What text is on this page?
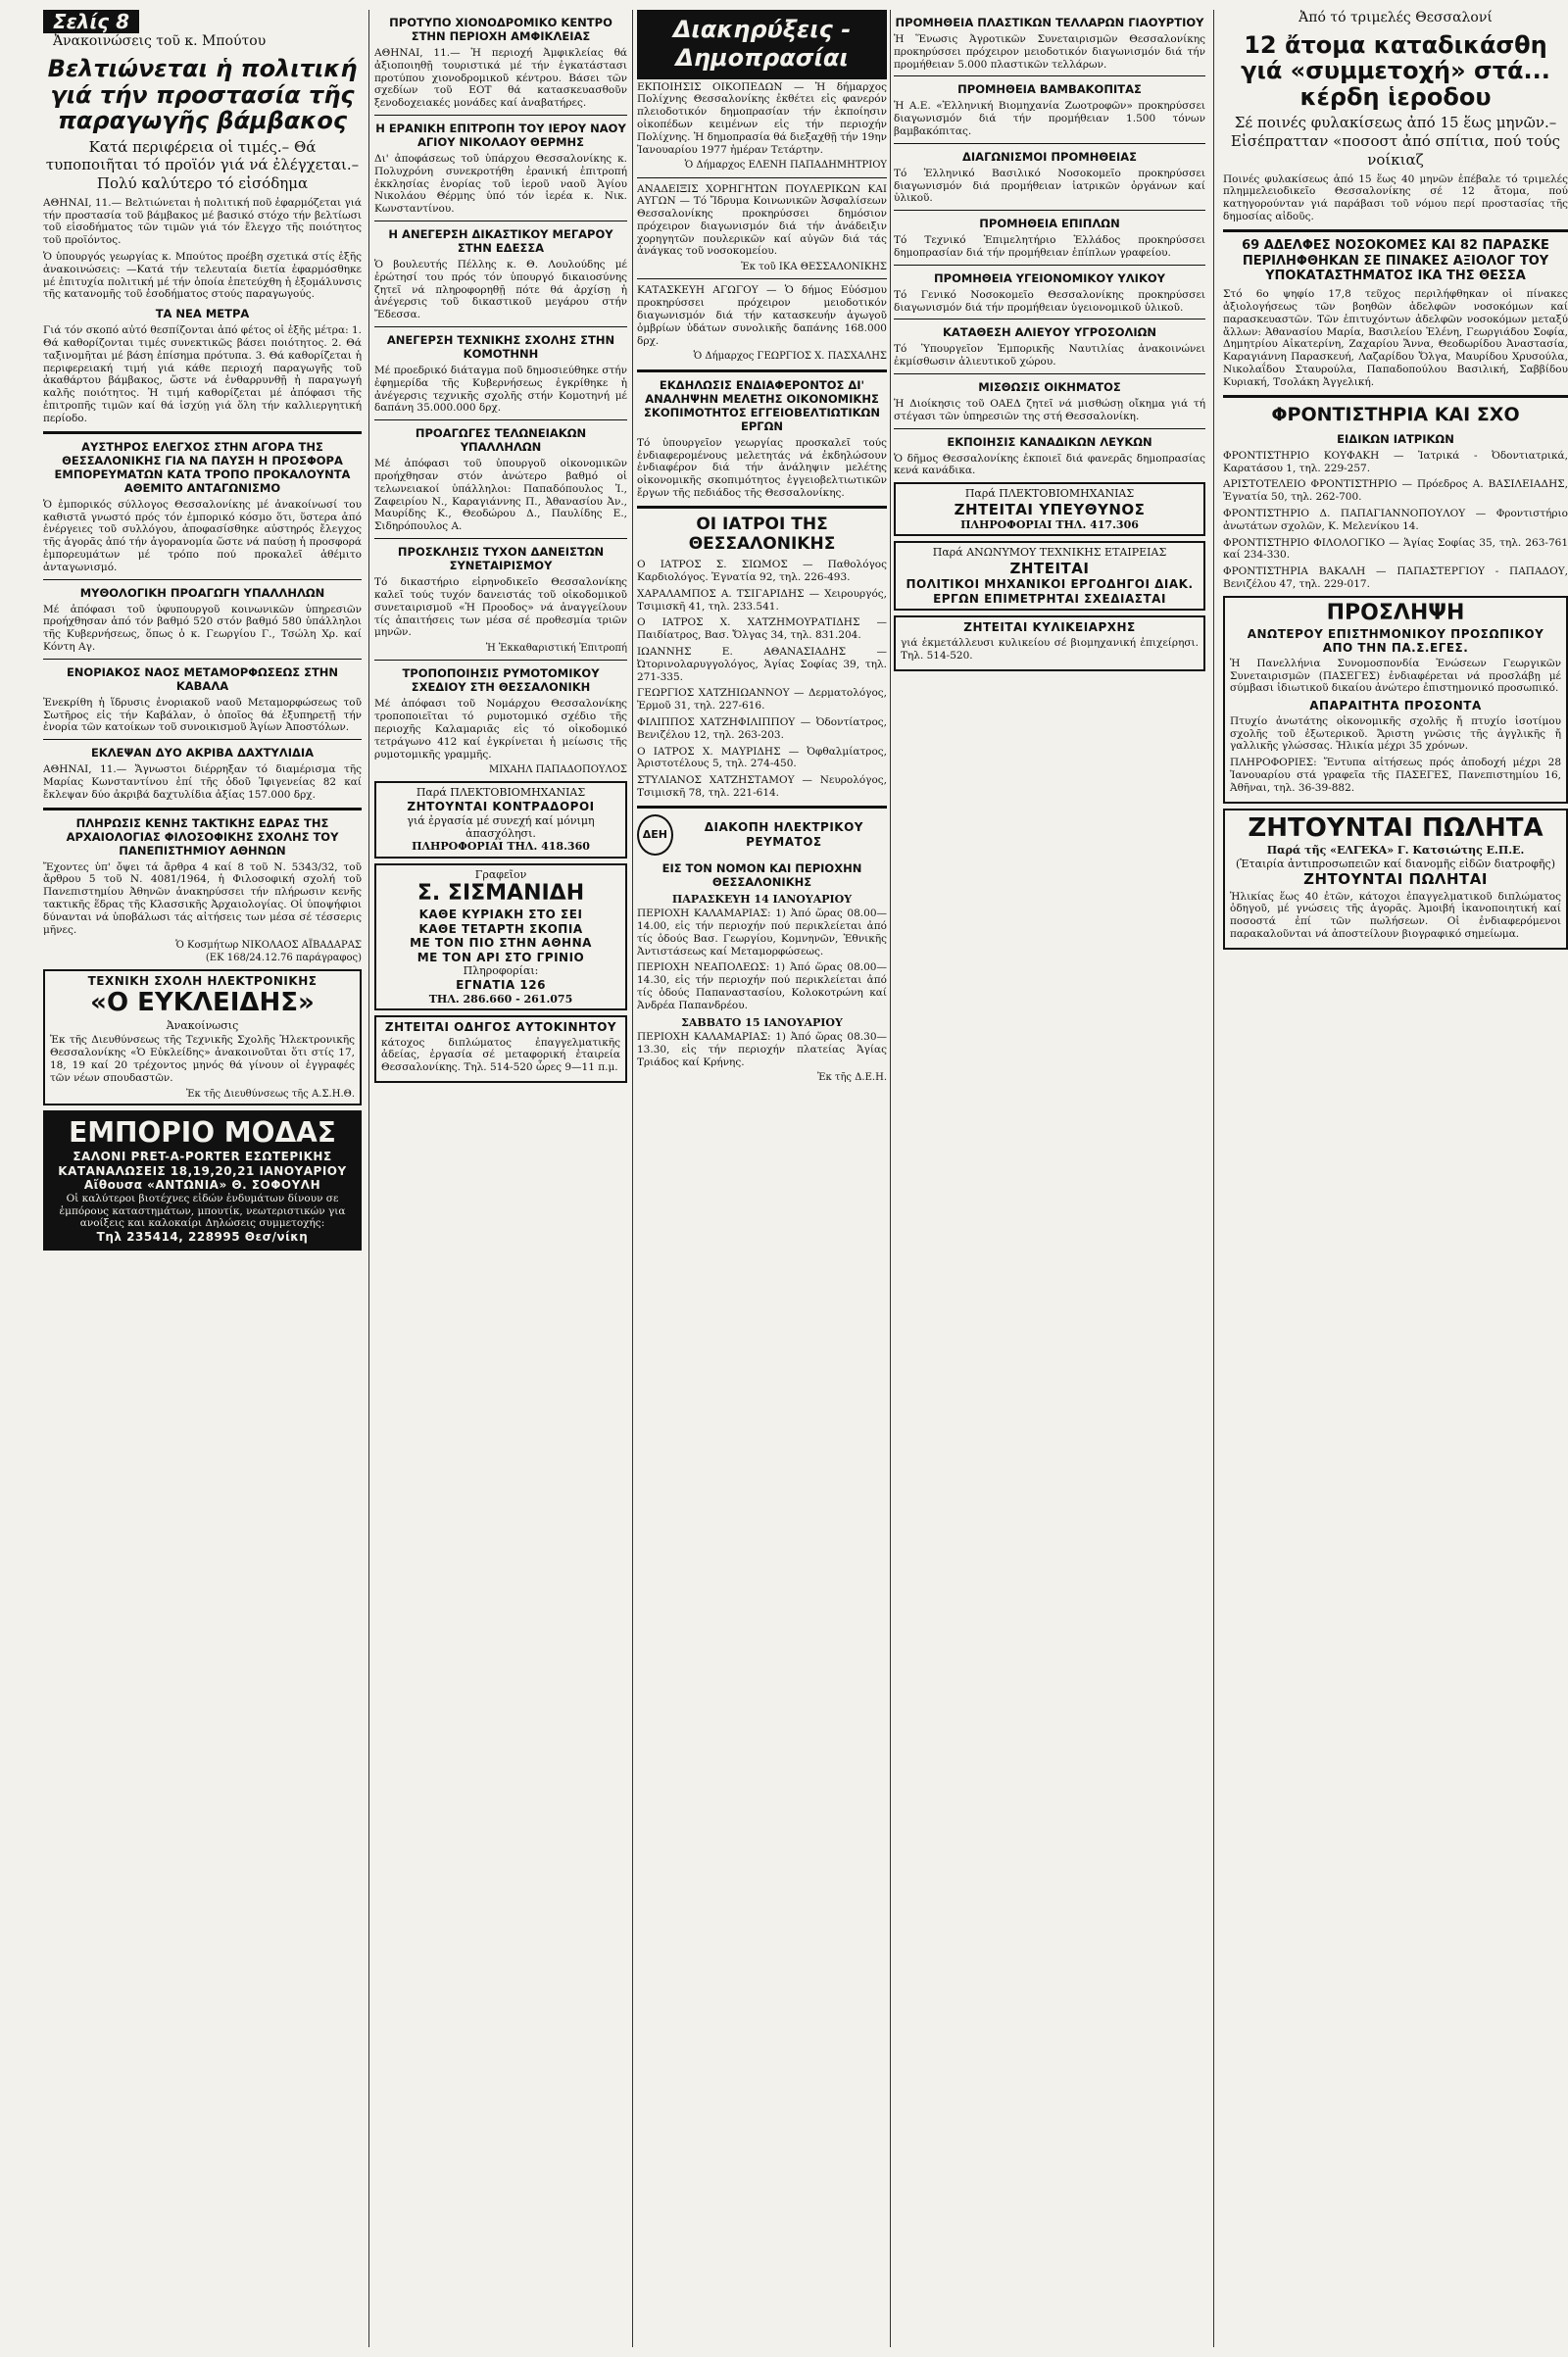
Σελίς 8 Ἀνακοινώσεις τοῦ κ. Μπούτου
Βελτιώνεται ἡ πολιτική γιά τήν προστασία τῆς παραγωγῆς βάμβακος
Κατά περιφέρεια οἱ τιμές.– Θά τυποποιῆται τό προϊόν γιά νά ἐλέγχεται.– Πολύ καλύτερο τό εἰσόδημα
ΑΘΗΝΑΙ, 11.— Βελτιώνεται ἡ πολιτική ποῦ ἐφαρμόζεται γιά τήν προστασία τοῦ βάμβακος μέ βασικό στόχο τήν βελτίωσι τοῦ εἰσοδήματος τῶν τιμῶν γιά τόν ἔλεγχο τῆς ποιότητος τοῦ προϊόντος.
Ὁ ὑπουργός γεωργίας κ. Μπούτος προέβη σχετικά στίς ἑξῆς ἀνακοινώσεις: —Κατά τήν τελευταία διετία ἐφαρμόσθηκε μέ ἐπιτυχία πολιτική μέ τήν ὁποία ἐπετεύχθη ἡ ἐξομάλυνσις τῆς κατανομῆς τοῦ ἐσοδήματος στούς παραγωγούς.
ΤΑ ΝΕΑ ΜΕΤΡΑ
Γιά τόν σκοπό αὐτό θεσπίζονται ἀπό φέτος οἱ ἑξῆς μέτρα: 1. Θά καθορίζονται τιμές συνεκτικῶς βάσει ποιότητος. 2. Θά ταξινομῆται μέ βάση ἐπίσημα πρότυπα. 3. Θά καθορίζεται ἡ περιφερειακή τιμή γιά κάθε περιοχή παραγωγῆς τοῦ ἀκαθάρτου βάμβακος, ὥστε νά ἐνθαρρυνθῇ ἡ παραγωγή καλῆς ποιότητος. Ἡ τιμή καθορίζεται μέ ἀπόφασι τῆς ἐπιτροπῆς τιμῶν καί θά ἰσχύῃ γιά ὅλη τήν καλλιεργητική περίοδο.
ΑΥΣΤΗΡΟΣ ΕΛΕΓΧΟΣ ΣΤΗΝ ΑΓΟΡΑ ΤΗΣ ΘΕΣΣΑΛΟΝΙΚΗΣ ΓΙΑ ΝΑ ΠΑΥΣΗ Η ΠΡΟΣΦΟΡΑ ΕΜΠΟΡΕΥΜΑΤΩΝ ΚΑΤΑ ΤΡΟΠΟ ΠΡΟΚΑΛΟΥΝΤΑ ΑΘΕΜΙΤΟ ΑΝΤΑΓΩΝΙΣΜΟ
Ὁ ἐμπορικός σύλλογος Θεσσαλονίκης μέ ἀνακοίνωσί του καθιστᾶ γνωστό πρός τόν ἐμπορικό κόσμο ὅτι, ὕστερα ἀπό ἐνέργειες τοῦ συλλόγου, ἀποφασίσθηκε αὐστηρός ἔλεγχος τῆς ἀγορᾶς ἀπό τήν ἀγορανομία ὥστε νά παύσῃ ἡ προσφορά ἐμπορευμάτων μέ τρόπο πού προκαλεῖ ἀθέμιτο ἀνταγωνισμό.
ΜΥΘΟΛΟΓΙΚΗ ΠΡΟΑΓΩΓΗ ΥΠΑΛΛΗΛΩΝ
Μέ ἀπόφασι τοῦ ὑφυπουργοῦ κοινωνικῶν ὑπηρεσιῶν προήχθησαν ἀπό τόν βαθμό 520 στόν βαθμό 580 ὑπάλληλοι τῆς Κυβερνήσεως, ὅπως ὁ κ. Γεωργίου Γ., Τσώλη Χρ. καί Κόντη Αγ.
ΕΝΟΡΙΑΚΟΣ ΝΑΟΣ ΜΕΤΑΜΟΡΦΩΣΕΩΣ ΣΤΗΝ ΚΑΒΑΛΑ
Ἐνεκρίθη ἡ ἵδρυσις ἐνοριακοῦ ναοῦ Μεταμορφώσεως τοῦ Σωτῆρος εἰς τήν Καβάλαν, ὁ ὁποῖος θά ἐξυπηρετῇ τήν ἐνορία τῶν κατοίκων τοῦ συνοικισμοῦ Ἁγίων Ἀποστόλων.
ΕΚΛΕΨΑΝ ΔΥΟ ΑΚΡΙΒΑ ΔΑΧΤΥΛΙΔΙΑ
ΑΘΗΝΑΙ, 11.— Ἄγνωστοι διέρρηξαν τό διαμέρισμα τῆς Μαρίας Κωνσταντίνου ἐπί τῆς ὁδοῦ Ἰφιγενείας 82 καί ἔκλεψαν δύο ἀκριβά δαχτυλίδια ἀξίας 157.000 δρχ.
ΠΛΗΡΩΣΙΣ ΚΕΝΗΣ ΤΑΚΤΙΚΗΣ ΕΔΡΑΣ ΤΗΣ ΑΡΧΑΙΟΛΟΓΙΑΣ ΦΙΛΟΣΟΦΙΚΗΣ ΣΧΟΛΗΣ ΤΟΥ ΠΑΝΕΠΙΣΤΗΜΙΟΥ ΑΘΗΝΩΝ
Ἔχοντες ὑπ' ὄψει τά ἄρθρα 4 καί 8 τοῦ Ν. 5343/32, τοῦ ἄρθρου 5 τοῦ Ν. 4081/1964, ἡ Φιλοσοφική σχολή τοῦ Πανεπιστημίου Ἀθηνῶν ἀνακηρύσσει τήν πλήρωσιν κενῆς τακτικῆς ἕδρας τῆς Κλασσικῆς Ἀρχαιολογίας. Οἱ ὑποψήφιοι δύνανται νά ὑποβάλωσι τάς αἰτήσεις των μέσα σέ τέσσερις μῆνες.
Ὁ Κοσμήτωρ ΝΙΚΟΛΑΟΣ ΑΪΒΑΔΑΡΑΣ
(ΕΚ 168/24.12.76 παράγραφος)
ΤΕΧΝΙΚΗ ΣΧΟΛΗ ΗΛΕΚΤΡΟΝΙΚΗΣ
«Ο ΕΥΚΛΕΙΔΗΣ»
Ἀνακοίνωσις
Ἐκ τῆς Διευθύνσεως τῆς Τεχνικῆς Σχολῆς Ἠλεκτρονικῆς Θεσσαλονίκης «Ὁ Εὐκλείδης» ἀνακοινοῦται ὅτι στίς 17, 18, 19 καί 20 τρέχοντος μηνός θά γίνουν οἱ ἐγγραφές τῶν νέων σπουδαστῶν.
Ἐκ τῆς Διευθύνσεως τῆς Α.Σ.Η.Θ.
ΕΜΠΟΡΙΟ ΜΟΔΑΣ
ΣΑΛΟΝΙ PRET-A-PORTER ΕΣΩΤΕΡΙΚΗΣ
ΚΑΤΑΝΑΛΩΣΕΙΣ 18,19,20,21 ΙΑΝΟΥΑΡΙΟΥ
Αἴθουσα «ΑΝΤΩΝΙΑ» Θ. ΣΟΦΟΥΛΗ
Οἱ καλύτεροι βιοτέχνες εἰδών ἐνδυμάτων δίνουν σε ἐμπόρους καταστημάτων, μπουτίκ, νεωτεριστικών για ανοίξεις και καλοκαίρι Δηλώσεις συμμετοχής:
Τηλ 235414, 228995 Θεσ/νίκη
ΠΡΟΤΥΠΟ ΧΙΟΝΟΔΡΟΜΙΚΟ ΚΕΝΤΡΟ ΣΤΗΝ ΠΕΡΙΟΧΗ ΑΜΦΙΚΛΕΙΑΣ
ΑΘΗΝΑΙ, 11.— Ἡ περιοχή Ἀμφικλείας θά ἀξιοποιηθῇ τουριστικά μέ τήν ἐγκατάστασι προτύπου χιονοδρομικοῦ κέντρου. Βάσει τῶν σχεδίων τοῦ ΕΟΤ θά κατασκευασθοῦν ξενοδοχειακές μονάδες καί ἀναβατήρες.
Η ΕΡΑΝΙΚΗ ΕΠΙΤΡΟΠΗ ΤΟΥ ΙΕΡΟΥ ΝΑΟΥ ΑΓΙΟΥ ΝΙΚΟΛΑΟΥ ΘΕΡΜΗΣ
Δι' ἀποφάσεως τοῦ ὑπάρχου Θεσσαλονίκης κ. Πολυχρόνη συνεκροτήθη ἐρανική ἐπιτροπή ἐκκλησίας ἐνορίας τοῦ ἱεροῦ ναοῦ Ἁγίου Νικολάου Θέρμης ὑπό τόν ἱερέα κ. Νικ. Κωνσταντίνου.
Η ΑΝΕΓΕΡΣΗ ΔΙΚΑΣΤΙΚΟΥ ΜΕΓΑΡΟΥ ΣΤΗΝ ΕΔΕΣΣΑ
Ὁ βουλευτής Πέλλης κ. Θ. Λουλούδης μέ ἐρώτησί του πρός τόν ὑπουργό δικαιοσύνης ζητεῖ νά πληροφορηθῇ πότε θά ἀρχίσῃ ἡ ἀνέγερσις τοῦ δικαστικοῦ μεγάρου στήν Ἔδεσσα.
ΑΝΕΓΕΡΣΗ ΤΕΧΝΙΚΗΣ ΣΧΟΛΗΣ ΣΤΗΝ ΚΟΜΟΤΗΝΗ
Μέ προεδρικό διάταγμα ποῦ δημοσιεύθηκε στήν ἐφημερίδα τῆς Κυβερνήσεως ἐγκρίθηκε ἡ ἀνέγερσις τεχνικῆς σχολῆς στήν Κομοτηνή μέ δαπάνη 35.000.000 δρχ.
ΠΡΟΑΓΩΓΕΣ ΤΕΛΩΝΕΙΑΚΩΝ ΥΠΑΛΛΗΛΩΝ
Μέ ἀπόφασι τοῦ ὑπουργοῦ οἰκονομικῶν προήχθησαν στόν ἀνώτερο βαθμό οἱ τελωνειακοί ὑπάλληλοι: Παπαδόπουλος Ἰ., Ζαφειρίου Ν., Καραγιάννης Π., Ἀθανασίου Ἀν., Μαυρίδης Κ., Θεοδώρου Δ., Παυλίδης Ε., Σιδηρόπουλος Α.
ΠΡΟΣΚΛΗΣΙΣ ΤΥΧΟΝ ΔΑΝΕΙΣΤΩΝ ΣΥΝΕΤΑΙΡΙΣΜΟΥ
Τό δικαστήριο εἰρηνοδικεῖο Θεσσαλονίκης καλεῖ τούς τυχόν δανειστάς τοῦ οἰκοδομικοῦ συνεταιρισμοῦ «Ἡ Προοδος» νά ἀναγγείλουν τίς ἀπαιτήσεις των μέσα σέ προθεσμία τριῶν μηνῶν.
Ἡ Ἐκκαθαριστική Ἐπιτροπή
ΤΡΟΠΟΠΟΙΗΣΙΣ ΡΥΜΟΤΟΜΙΚΟΥ ΣΧΕΔΙΟΥ ΣΤΗ ΘΕΣΣΑΛΟΝΙΚΗ
Μέ ἀπόφασι τοῦ Νομάρχου Θεσσαλονίκης τροποποιεῖται τό ρυμοτομικό σχέδιο τῆς περιοχῆς Καλαμαριᾶς εἰς τό οἰκοδομικό τετράγωνο 412 καί ἐγκρίνεται ἡ μείωσις τῆς ρυμοτομικῆς γραμμῆς.
ΜΙΧΑΗΛ ΠΑΠΑΔΟΠΟΥΛΟΣ
Παρά ΠΛΕΚΤΟΒΙΟΜΗΧΑΝΙΑΣ
ΖΗΤΟΥΝΤΑΙ ΚΟΝΤΡΑΔΟΡΟΙ
γιά ἐργασία μέ συνεχή καί μόνιμη ἀπασχόλησι.
ΠΛΗΡΟΦΟΡΙΑΙ ΤΗΛ. 418.360
Γραφεῖον
Σ. ΣΙΣΜΑΝΙΔΗ
ΚΑΘΕ ΚΥΡΙΑΚΗ ΣΤΟ ΣΕΙ
ΚΑΘΕ ΤΕΤΑΡΤΗ ΣΚΟΠΙΑ
ΜΕ ΤΟΝ ΠΙΟ ΣΤΗΝ ΑΘΗΝΑ
ΜΕ ΤΟΝ ΑΡΙ ΣΤΟ ΓΡΙΝΙΟ
Πληροφορίαι:
ΕΓΝΑΤΙΑ 126
ΤΗΛ. 286.660 - 261.075
ΖΗΤΕΙΤΑΙ ΟΔΗΓΟΣ ΑΥΤΟΚΙΝΗΤΟΥ
κάτοχος διπλώματος ἐπαγγελματικῆς ἀδείας, ἐργασία σέ μεταφορική ἑταιρεία Θεσσαλονίκης. Τηλ. 514-520 ὧρες 9—11 π.μ.
Διακηρύξεις - Δημοπρασίαι
ΕΚΠΟΙΗΣΙΣ ΟΙΚΟΠΕΔΩΝ — Ἡ δήμαρχος Πολίχνης Θεσσαλονίκης ἐκθέτει εἰς φανερόν πλειοδοτικόν δημοπρασίαν τήν ἐκποίησιν οἰκοπέδων κειμένων εἰς τήν περιοχήν Πολίχνης. Ἡ δημοπρασία θά διεξαχθῇ τήν 19ην Ἰανουαρίου 1977 ἡμέραν Τετάρτην.
Ὁ Δήμαρχος ΕΛΕΝΗ ΠΑΠΑΔΗΜΗΤΡΙΟΥ
ΑΝΑΔΕΙΞΙΣ ΧΟΡΗΓΗΤΩΝ ΠΟΥΛΕΡΙΚΩΝ ΚΑΙ ΑΥΓΩΝ — Τό Ἴδρυμα Κοινωνικῶν Ἀσφαλίσεων Θεσσαλονίκης προκηρύσσει δημόσιον πρόχειρον διαγωνισμόν διά τήν ἀνάδειξιν χορηγητῶν πουλερικῶν καί αὐγῶν διά τάς ἀνάγκας τοῦ νοσοκομείου.
Ἐκ τοῦ ΙΚΑ ΘΕΣΣΑΛΟΝΙΚΗΣ
ΚΑΤΑΣΚΕΥΗ ΑΓΩΓΟΥ — Ὁ δήμος Εὐόσμου προκηρύσσει πρόχειρον μειοδοτικόν διαγωνισμόν διά τήν κατασκευήν ἀγωγοῦ ὀμβρίων ὑδάτων συνολικῆς δαπάνης 168.000 δρχ.
Ὁ Δήμαρχος ΓΕΩΡΓΙΟΣ Χ. ΠΑΣΧΑΛΗΣ
ΕΚΔΗΛΩΣΙΣ ΕΝΔΙΑΦΕΡΟΝΤΟΣ ΔΙ' ΑΝΑΛΗΨΗΝ ΜΕΛΕΤΗΣ ΟΙΚΟΝΟΜΙΚΗΣ ΣΚΟΠΙΜΟΤΗΤΟΣ ΕΓΓΕΙΟΒΕΛΤΙΩΤΙΚΩΝ ΕΡΓΩΝ
Τό ὑπουργεῖον γεωργίας προσκαλεῖ τούς ἐνδιαφερομένους μελετητάς νά ἐκδηλώσουν ἐνδιαφέρον διά τήν ἀνάληψιν μελέτης οἰκονομικῆς σκοπιμότητος ἐγγειοβελτιωτικῶν ἔργων τῆς πεδιάδος τῆς Θεσσαλονίκης.
ΟΙ ΙΑΤΡΟΙ ΤΗΣ ΘΕΣΣΑΛΟΝΙΚΗΣ
Ο ΙΑΤΡΟΣ Σ. ΣΙΩΜΟΣ — Παθολόγος Καρδιολόγος. Ἐγνατία 92, τηλ. 226-493.
ΧΑΡΑΛΑΜΠΟΣ Α. ΤΣΙΓΑΡΙΔΗΣ — Χειρουργός, Τσιμισκῆ 41, τηλ. 233.541.
Ο ΙΑΤΡΟΣ Χ. ΧΑΤΖΗΜΟΥΡΑΤΙΔΗΣ — Παιδίατρος, Βασ. Ὄλγας 34, τηλ. 831.204.
ΙΩΑΝΝΗΣ Ε. ΑΘΑΝΑΣΙΑΔΗΣ — Ὠτορινολαρυγγολόγος, Ἁγίας Σοφίας 39, τηλ. 271-335.
ΓΕΩΡΓΙΟΣ ΧΑΤΖΗΙΩΑΝΝΟΥ — Δερματολόγος, Ἐρμοῦ 31, τηλ. 227-616.
ΦΙΛΙΠΠΟΣ ΧΑΤΖΗΦΙΛΙΠΠΟΥ — Ὀδοντίατρος, Βενιζέλου 12, τηλ. 263-203.
Ο ΙΑΤΡΟΣ Χ. ΜΑΥΡΙΔΗΣ — Ὀφθαλμίατρος, Ἀριστοτέλους 5, τηλ. 274-450.
ΣΤΥΛΙΑΝΟΣ ΧΑΤΖΗΣΤΑΜΟΥ — Νευρολόγος, Τσιμισκῆ 78, τηλ. 221-614.
ΔΕΗ
ΔΙΑΚΟΠΗ ΗΛΕΚΤΡΙΚΟΥ ΡΕΥΜΑΤΟΣ
ΕΙΣ ΤΟΝ ΝΟΜΟΝ ΚΑΙ ΠΕΡΙΟΧΗΝ ΘΕΣΣΑΛΟΝΙΚΗΣ
ΠΑΡΑΣΚΕΥΗ 14 ΙΑΝΟΥΑΡΙΟΥ
ΠΕΡΙΟΧΗ ΚΑΛΑΜΑΡΙΑΣ: 1) Ἀπό ὥρας 08.00—14.00, εἰς τήν περιοχήν πού περικλείεται ἀπό τίς ὁδούς Βασ. Γεωργίου, Κομνηνῶν, Ἐθνικῆς Ἀντιστάσεως καί Μεταμορφώσεως.
ΠΕΡΙΟΧΗ ΝΕΑΠΟΛΕΩΣ: 1) Ἀπό ὥρας 08.00—14.30, εἰς τήν περιοχήν πού περικλείεται ἀπό τίς ὁδούς Παπαναστασίου, Κολοκοτρώνη καί Ἀνδρέα Παπανδρέου.
ΣΑΒΒΑΤΟ 15 ΙΑΝΟΥΑΡΙΟΥ
ΠΕΡΙΟΧΗ ΚΑΛΑΜΑΡΙΑΣ: 1) Ἀπό ὥρας 08.30—13.30, εἰς τήν περιοχήν πλατείας Ἁγίας Τριάδος καί Κρήνης.
Ἐκ τῆς Δ.Ε.Η.
ΠΡΟΜΗΘΕΙΑ ΠΛΑΣΤΙΚΩΝ ΤΕΛΛΑΡΩΝ ΓΙΑΟΥΡΤΙΟΥ
Ἡ Ἕνωσις Ἀγροτικῶν Συνεταιρισμῶν Θεσσαλονίκης προκηρύσσει πρόχειρον μειοδοτικόν διαγωνισμόν διά τήν προμήθειαν 5.000 πλαστικῶν τελλάρων.
ΠΡΟΜΗΘΕΙΑ ΒΑΜΒΑΚΟΠΙΤΑΣ
Ἡ Α.Ε. «Ἑλληνική Βιομηχανία Ζωοτροφῶν» προκηρύσσει διαγωνισμόν διά τήν προμήθειαν 1.500 τόνων βαμβακόπιτας.
ΔΙΑΓΩΝΙΣΜΟΙ ΠΡΟΜΗΘΕΙΑΣ
Τό Ἑλληνικό Βασιλικό Νοσοκομεῖο προκηρύσσει διαγωνισμόν διά προμήθειαν ἰατρικῶν ὀργάνων καί ὑλικοῦ.
ΠΡΟΜΗΘΕΙΑ ΕΠΙΠΛΩΝ
Τό Τεχνικό Ἐπιμελητήριο Ἑλλάδος προκηρύσσει δημοπρασίαν διά τήν προμήθειαν ἐπίπλων γραφείου.
ΠΡΟΜΗΘΕΙΑ ΥΓΕΙΟΝΟΜΙΚΟΥ ΥΛΙΚΟΥ
Τό Γενικό Νοσοκομεῖο Θεσσαλονίκης προκηρύσσει διαγωνισμόν διά τήν προμήθειαν ὑγειονομικοῦ ὑλικοῦ.
ΚΑΤΑΘΕΣΗ ΑΛΙΕΥΟΥ ΥΓΡΟΣΟΛΙΩΝ
Τό Ὑπουργεῖον Ἐμπορικῆς Ναυτιλίας ἀνακοινώνει ἐκμίσθωσιν ἀλιευτικοῦ χώρου.
ΜΙΣΘΩΣΙΣ ΟΙΚΗΜΑΤΟΣ
Ἡ Διοίκησις τοῦ ΟΑΕΔ ζητεῖ νά μισθώσῃ οἴκημα γιά τή στέγασι τῶν ὑπηρεσιῶν της στή Θεσσαλονίκη.
ΕΚΠΟΙΗΣΙΣ ΚΑΝΑΔΙΚΩΝ ΛΕΥΚΩΝ
Ὁ δῆμος Θεσσαλονίκης ἐκποιεῖ διά φανερᾶς δημοπρασίας κενά κανάδικα.
Παρά ΠΛΕΚΤΟΒΙΟΜΗΧΑΝΙΑΣ
ΖΗΤΕΙΤΑΙ ΥΠΕΥΘΥΝΟΣ
ΠΛΗΡΟΦΟΡΙΑΙ ΤΗΛ. 417.306
Παρά ΑΝΩΝΥΜΟΥ ΤΕΧΝΙΚΗΣ ΕΤΑΙΡΕΙΑΣ
ΖΗΤΕΙΤΑΙ
ΠΟΛΙΤΙΚΟΙ ΜΗΧΑΝΙΚΟΙ ΕΡΓΟΔΗΓΟΙ ΔΙΑΚ. ΕΡΓΩΝ ΕΠΙΜΕΤΡΗΤΑΙ ΣΧΕΔΙΑΣΤΑΙ
ΖΗΤΕΙΤΑΙ ΚΥΛΙΚΕΙΑΡΧΗΣ
γιά ἐκμετάλλευσι κυλικείου σέ βιομηχανική ἐπιχείρησι. Τηλ. 514-520.
Ἀπό τό τριμελές Θεσσαλονί
12 ἄτομα καταδικάσθη γιά «συμμετοχή» στά... κέρδη ἱεροδου
Σέ ποινές φυλακίσεως ἀπό 15 ἕως μηνῶν.– Εἰσέπρατταν «ποσοστ ἀπό σπίτια, πού τούς νοίκιαζ
Ποινές φυλακίσεως ἀπό 15 ἕως 40 μηνῶν ἐπέβαλε τό τριμελές πλημμελειοδικεῖο Θεσσαλονίκης σέ 12 ἄτομα, πού κατηγορούνταν γιά παράβασι τοῦ νόμου περί προστασίας τῆς δημοσίας αἰδοῦς.
69 ΑΔΕΛΦΕΣ ΝΟΣΟΚΟΜΕΣ ΚΑΙ 82 ΠΑΡΑΣΚΕ ΠΕΡΙΛΗΦΘΗΚΑΝ ΣΕ ΠΙΝΑΚΕΣ ΑΞΙΟΛΟΓ ΤΟΥ ΥΠΟΚΑΤΑΣΤΗΜΑΤΟΣ ΙΚΑ ΤΗΣ ΘΕΣΣΑ
Στό 6ο ψηφίο 17,8 τεῦχος περιλήφθηκαν οἱ πίνακες ἀξιολογήσεως τῶν βοηθῶν ἀδελφῶν νοσοκόμων καί παρασκευαστῶν. Τῶν ἐπιτυχόντων ἀδελφῶν νοσοκόμων μεταξύ ἄλλων: Ἀθανασίου Μαρία, Βασιλείου Ἑλένη, Γεωργιάδου Σοφία, Δημητρίου Αἰκατερίνη, Ζαχαρίου Ἄννα, Θεοδωρίδου Ἀναστασία, Καραγιάννη Παρασκευή, Λαζαρίδου Ὄλγα, Μαυρίδου Χρυσούλα, Νικολαΐδου Σταυρούλα, Παπαδοπούλου Βασιλική, Σαββίδου Κυριακή, Τσολάκη Ἀγγελική.
ΦΡΟΝΤΙΣΤΗΡΙΑ ΚΑΙ ΣΧΟ
ΕΙΔΙΚΩΝ ΙΑΤΡΙΚΩΝ
ΦΡΟΝΤΙΣΤΗΡΙΟ ΚΟΥΦΑΚΗ — Ἱατρικά - Ὀδοντιατρικά, Καρατάσου 1, τηλ. 229-257.
ΑΡΙΣΤΟΤΕΛΕΙΟ ΦΡΟΝΤΙΣΤΗΡΙΟ — Πρόεδρος Α. ΒΑΣΙΛΕΙΑΔΗΣ, Ἐγνατία 50, τηλ. 262-700.
ΦΡΟΝΤΙΣΤΗΡΙΟ Δ. ΠΑΠΑΓΙΑΝΝΟΠΟΥΛΟΥ — Φροντιστήριο ἀνωτάτων σχολῶν, Κ. Μελενίκου 14.
ΦΡΟΝΤΙΣΤΗΡΙΟ ΦΙΛΟΛΟΓΙΚΟ — Ἁγίας Σοφίας 35, τηλ. 263-761 καί 234-330.
ΦΡΟΝΤΙΣΤΗΡΙΑ ΒΑΚΑΛΗ — ΠΑΠΑΣΤΕΡΓΙΟΥ - ΠΑΠΑΔΟΥ, Βενιζέλου 47, τηλ. 229-017.
ΠΡΟΣΛΗΨΗ
ΑΝΩΤΕΡΟΥ ΕΠΙΣΤΗΜΟΝΙΚΟΥ ΠΡΟΣΩΠΙΚΟΥ ΑΠΟ ΤΗΝ ΠΑ.Σ.ΕΓΕΣ.
Ἡ Πανελλήνια Συνομοσπονδία Ἑνώσεων Γεωργικῶν Συνεταιρισμῶν (ΠΑΣΕΓΕΣ) ἐνδιαφέρεται νά προσλάβῃ μέ σύμβασι ἰδιωτικοῦ δικαίου ἀνώτερο ἐπιστημονικό προσωπικό.
ΑΠΑΡΑΙΤΗΤΑ ΠΡΟΣΟΝΤΑ
Πτυχίο ἀνωτάτης οἰκονομικῆς σχολῆς ἤ πτυχίο ἰσοτίμου σχολῆς τοῦ ἐξωτερικοῦ. Ἄριστη γνῶσις τῆς ἀγγλικῆς ἤ γαλλικῆς γλώσσας. Ἡλικία μέχρι 35 χρόνων.
ΠΛΗΡΟΦΟΡΙΕΣ: Ἔντυπα αἰτήσεως πρός ἀποδοχή μέχρι 28 Ἰανουαρίου στά γραφεῖα τῆς ΠΑΣΕΓΕΣ, Πανεπιστημίου 16, Ἀθῆναι, τηλ. 36-39-882.
ΖΗΤΟΥΝΤΑΙ ΠΩΛΗΤΑ
Παρά τῆς «ΕΛΓΕΚΑ» Γ. Κατσιώτης Ε.Π.Ε.
(Ἑταιρία ἀντιπροσωπειῶν καί διανομῆς εἰδῶν διατροφῆς)
ΖΗΤΟΥΝΤΑΙ ΠΩΛΗΤΑΙ
Ἡλικίας ἕως 40 ἐτῶν, κάτοχοι ἐπαγγελματικοῦ διπλώματος ὁδηγοῦ, μέ γνώσεις τῆς ἀγορᾶς. Ἀμοιβή ἱκανοποιητική καί ποσοστά ἐπί τῶν πωλήσεων. Οἱ ἐνδιαφερόμενοι παρακαλοῦνται νά ἀποστείλουν βιογραφικό σημείωμα.
